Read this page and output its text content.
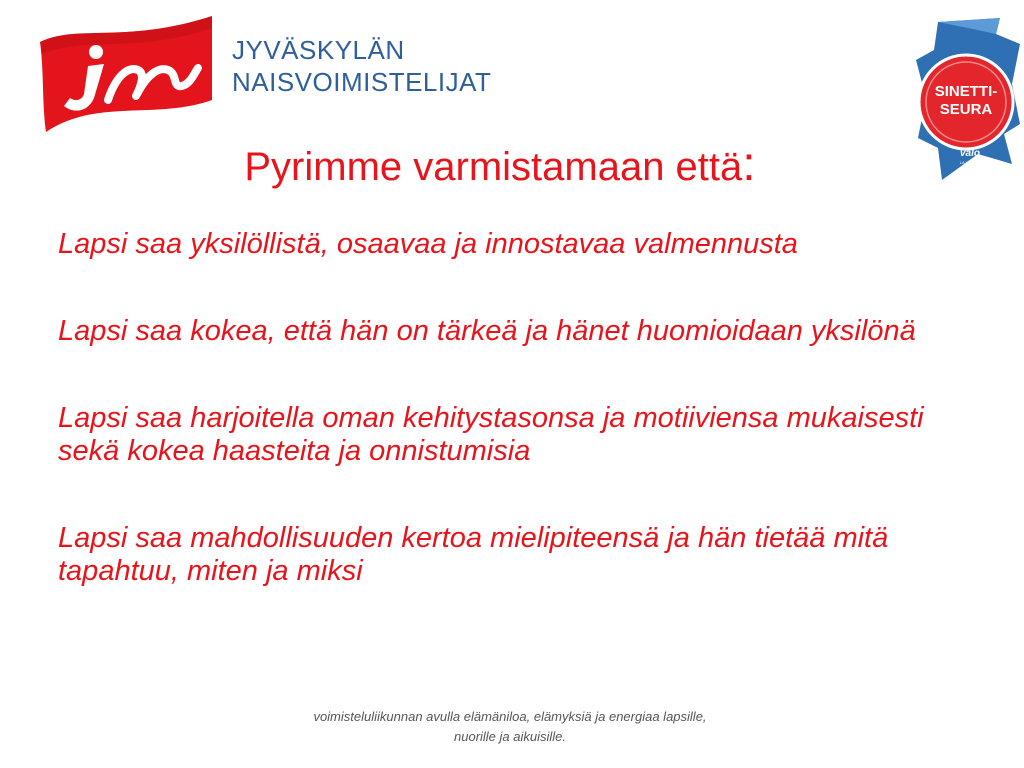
JYVÄSKYLÄN
NAISVOIMISTELIJAT	SINETTI-
SEURA
valo
LAJILIITOT
Pyrimme varmistamaan että:
Lapsi saa yksilöllistä, osaavaa ja innostavaa valmennusta
Lapsi saa kokea, että hän on tärkeä ja hänet huomioidaan yksilönä
Lapsi saa harjoitella oman kehitystasonsa ja motiiviensa mukaisesti sekä kokea haasteita ja onnistumisia
Lapsi saa mahdollisuuden kertoa mielipiteensä ja hän tietää mitä tapahtuu, miten ja miksi
voimisteluliikunnan avulla elämäniloa, elämyksiä ja energiaa lapsille,
nuorille ja aikuisille.
